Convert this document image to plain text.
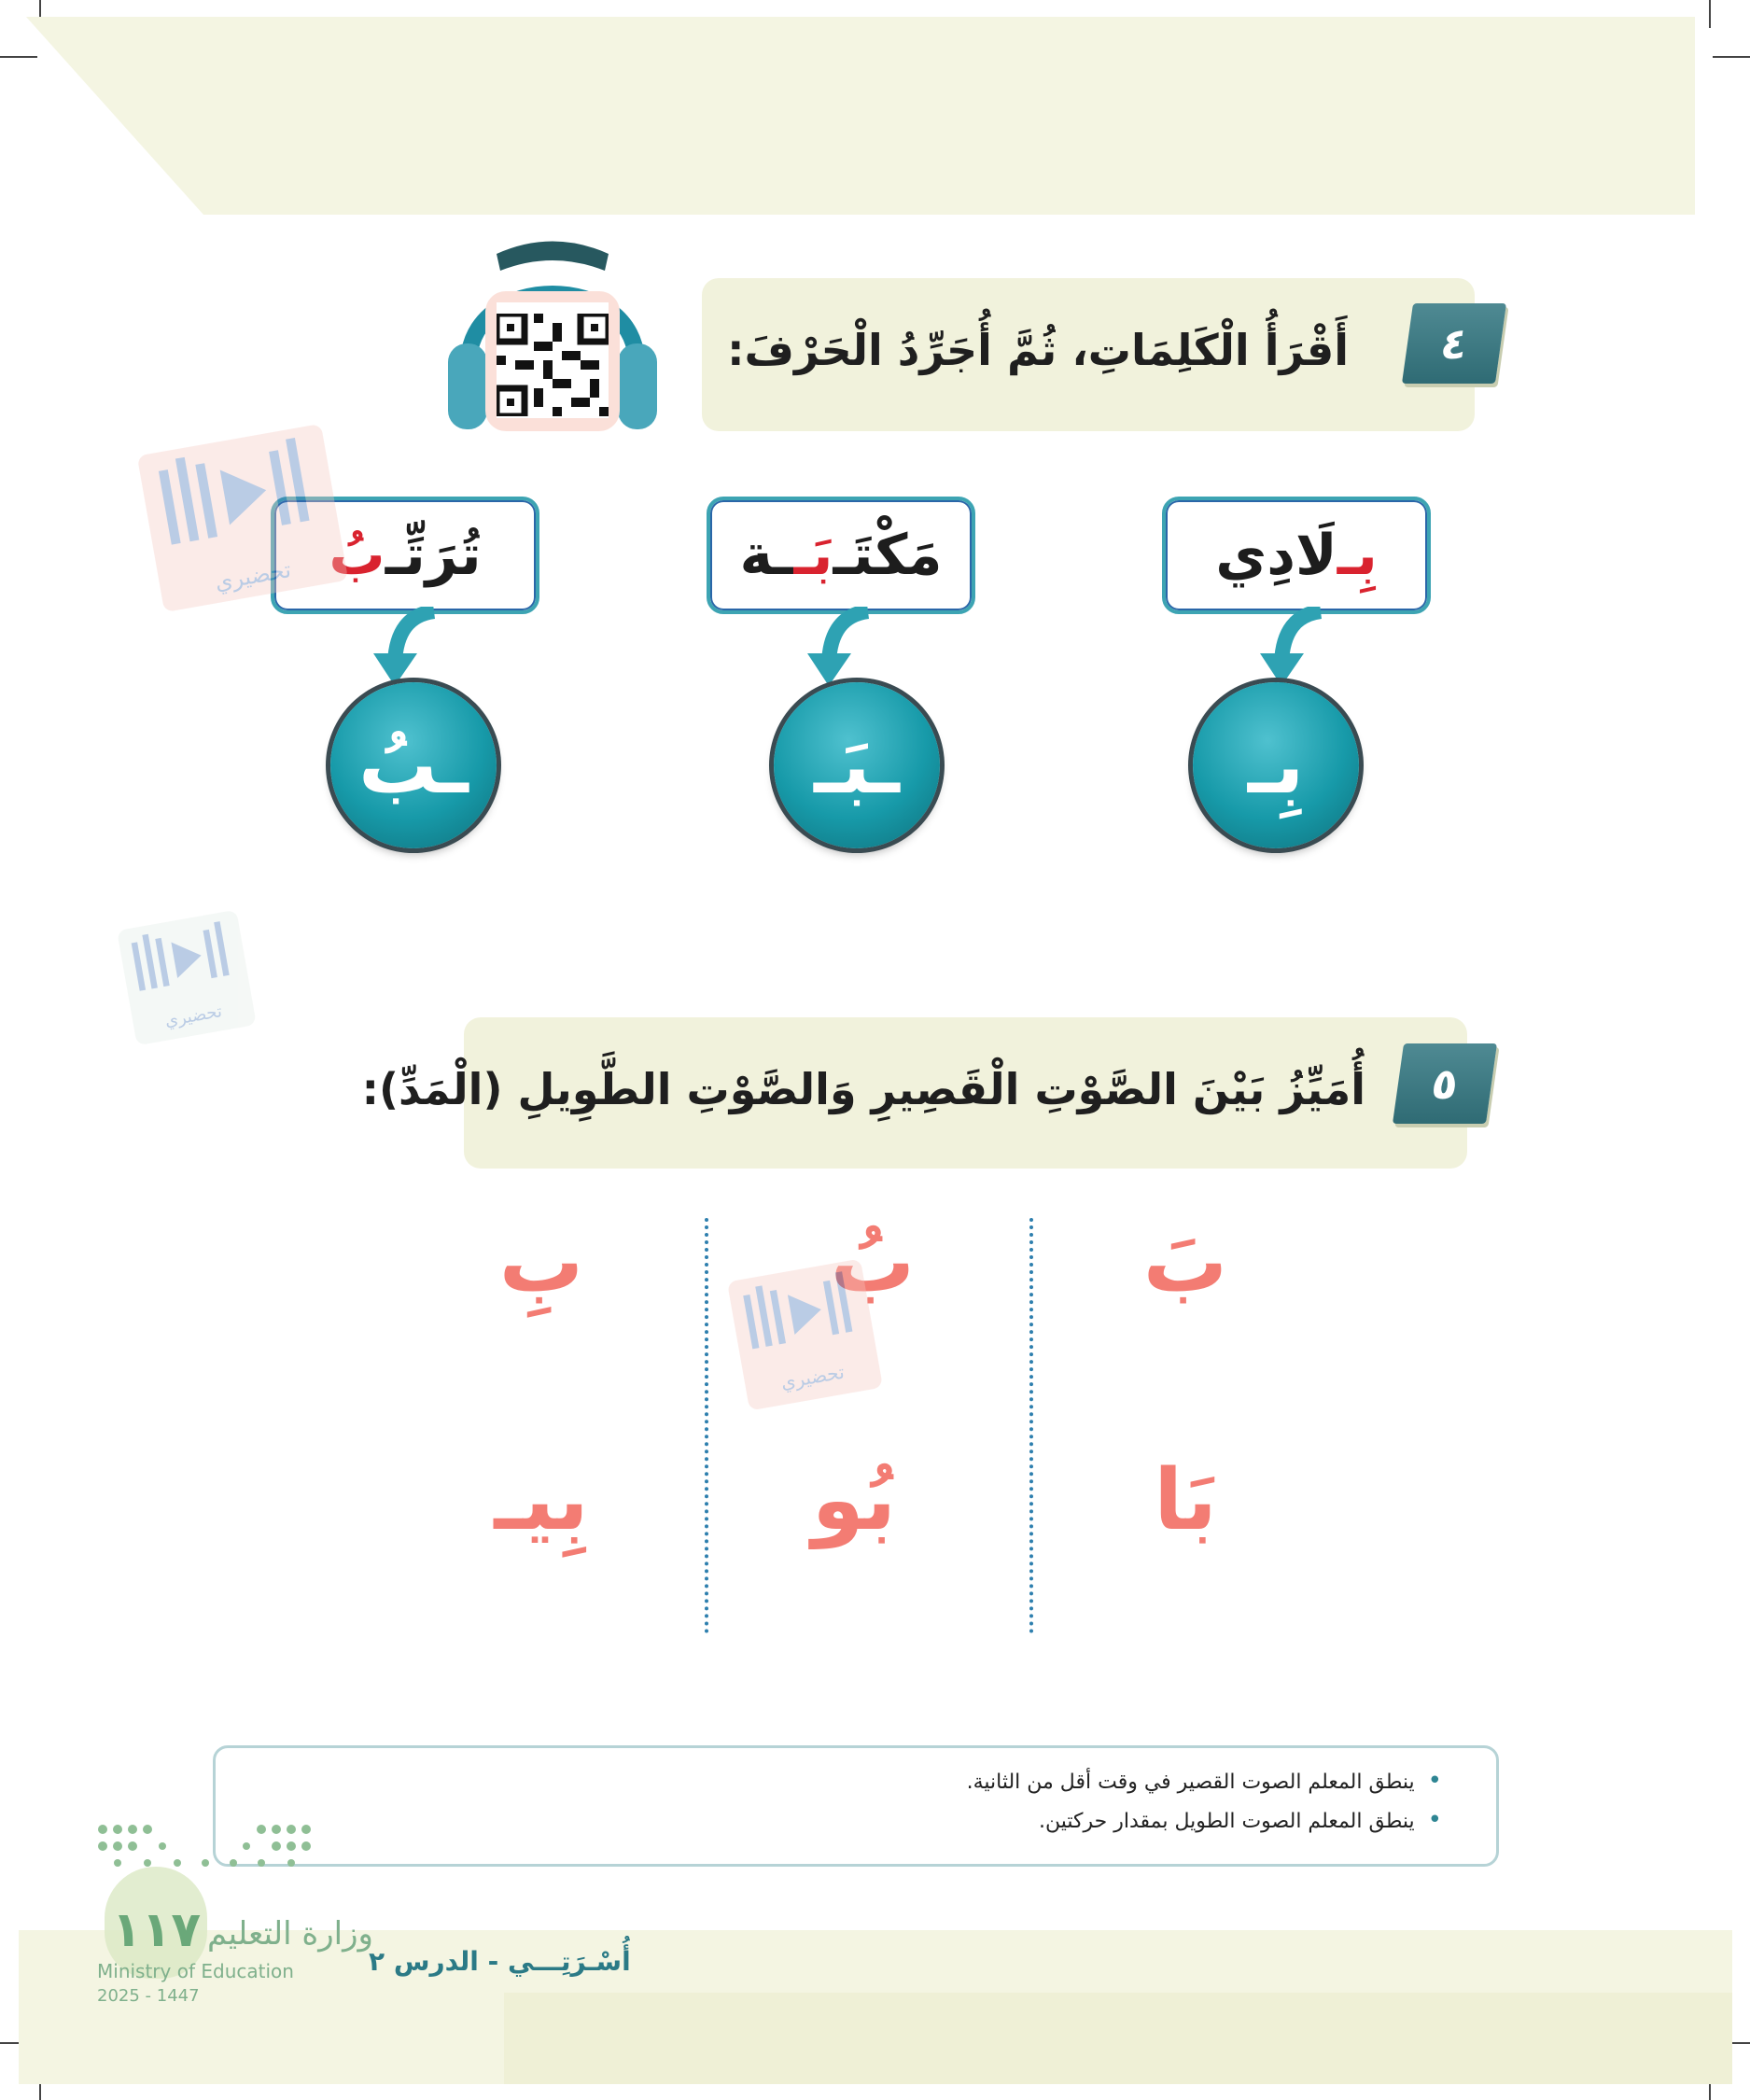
٤
أَقْرَأُ الْكَلِمَاتِ، ثُمَّ أُجَرِّدُ الْحَرْفَ:
بِـ
لَادِي
مَكْتَـ
بَـ
ـة
تُرَتِّـ
بُ
بِـ
ـبَـ
ـبُ
٥
أُمَيِّزُ بَيْنَ الصَّوْتِ الْقَصِيرِ وَالصَّوْتِ الطَّوِيلِ (الْمَدِّ):
بَ
بُ
بِ
بَا
بُو
بِيـ
تحضيري
تحضيري
تحضيري
• ينطق المعلم الصوت القصير في وقت أقل من الثانية.
• ينطق المعلم الصوت الطويل بمقدار حركتين.
١١٧ وزارة التعليم
Ministry of Education
2025 - 1447
أُسْـرَتِـــي - الدرس ٢
